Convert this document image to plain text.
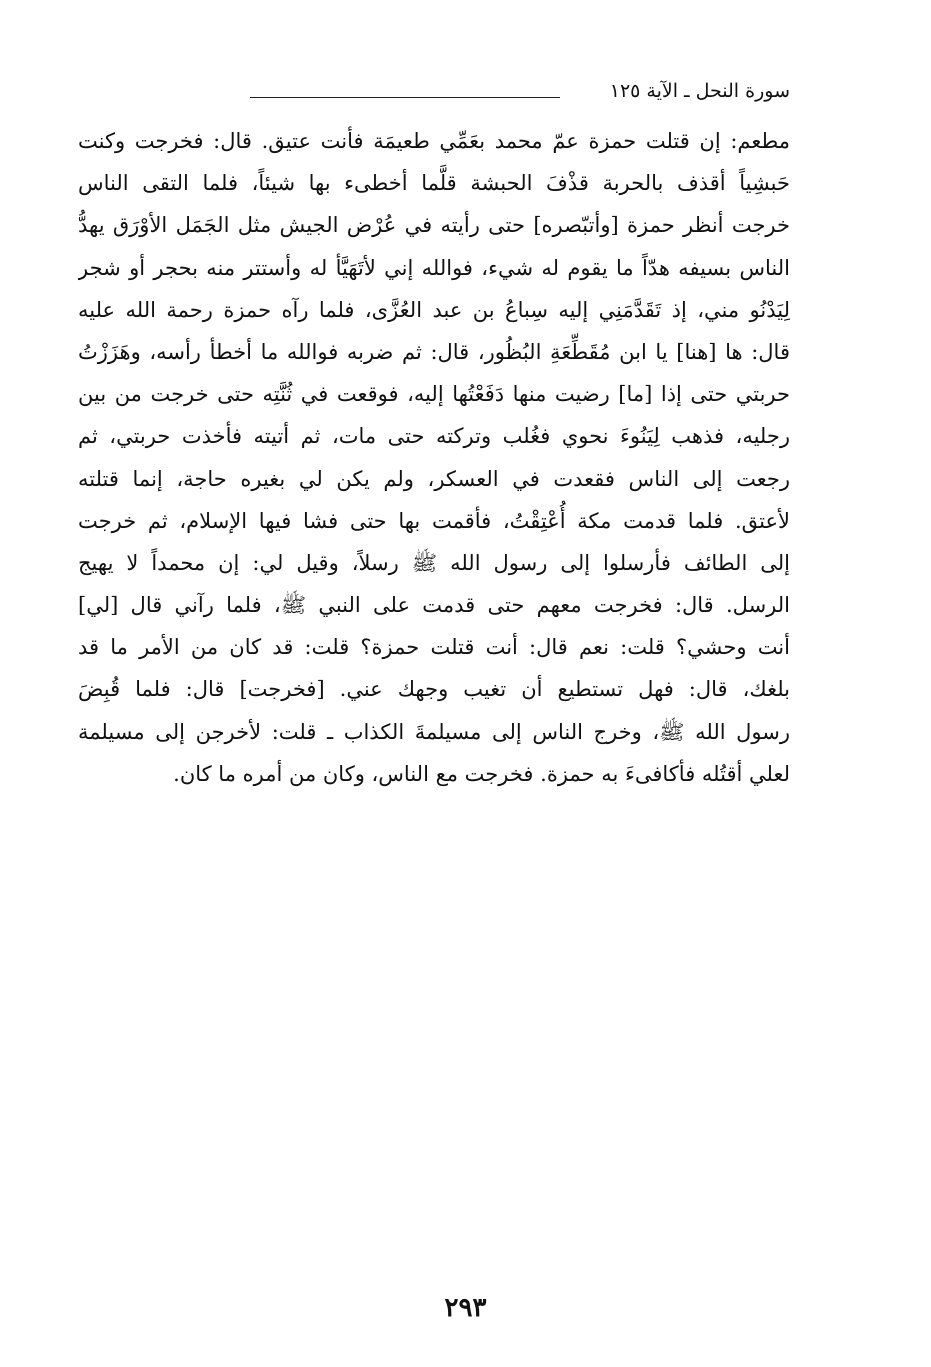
سورة النحل ـ الآية ١٢٥
مطعم: إن قتلت حمزة عمّ محمد بعَمِّي طعيمَة فأنت عتيق. قال: فخرجت وكنت
حَبشِياً أقذف بالحربة قذْفَ الحبشة قلَّما أخطىء بها شيئاً، فلما التقى الناس
خرجت أنظر حمزة [وأتبّصره] حتى رأيته في عُرْض الجيش مثل الجَمَل الأوْرَق يهدُّ
الناس بسيفه هدّاً ما يقوم له شيء، فوالله إني لأتَهَيَّأ له وأستتر منه بحجر أو شجر
لِيَدْنُو مني، إذ تَقَدَّمَنِي إليه سِباعُ بن عبد العُزَّى، فلما رآه حمزة رحمة الله عليه
قال: ها [هنا] يا ابن مُقَطِّعَةِ البُظُور، قال: ثم ضربه فوالله ما أخطأ رأسه، وهَزَزْتُ
حربتي حتى إذا [ما] رضيت منها دَفَعْتُها إليه، فوقعت في ثُنَّتِه حتى خرجت من بين
رجليه، فذهب لِيَنُوءَ نحوي فغُلب وتركته حتى مات، ثم أتيته فأخذت حربتي، ثم
رجعت إلى الناس فقعدت في العسكر، ولم يكن لي بغيره حاجة، إنما قتلته
لأعتق. فلما قدمت مكة أُعْتِقْتُ، فأقمت بها حتى فشا فيها الإسلام، ثم خرجت
إلى الطائف فأرسلوا إلى رسول الله ﷺ رسلاً، وقيل لي: إن محمداً لا يهيج
الرسل. قال: فخرجت معهم حتى قدمت على النبي ﷺ، فلما رآني قال [لي]
أنت وحشي؟ قلت: نعم قال: أنت قتلت حمزة؟ قلت: قد كان من الأمر ما قد
بلغك، قال: فهل تستطيع أن تغيب وجهك عني. [فخرجت] قال: فلما قُبِضَ
رسول الله ﷺ، وخرج الناس إلى مسيلمةَ الكذاب ـ قلت: لأخرجن إلى مسيلمة
لعلي أقتُله فأكافىءَ به حمزة. فخرجت مع الناس، وكان من أمره ما كان.
٢٩٣
